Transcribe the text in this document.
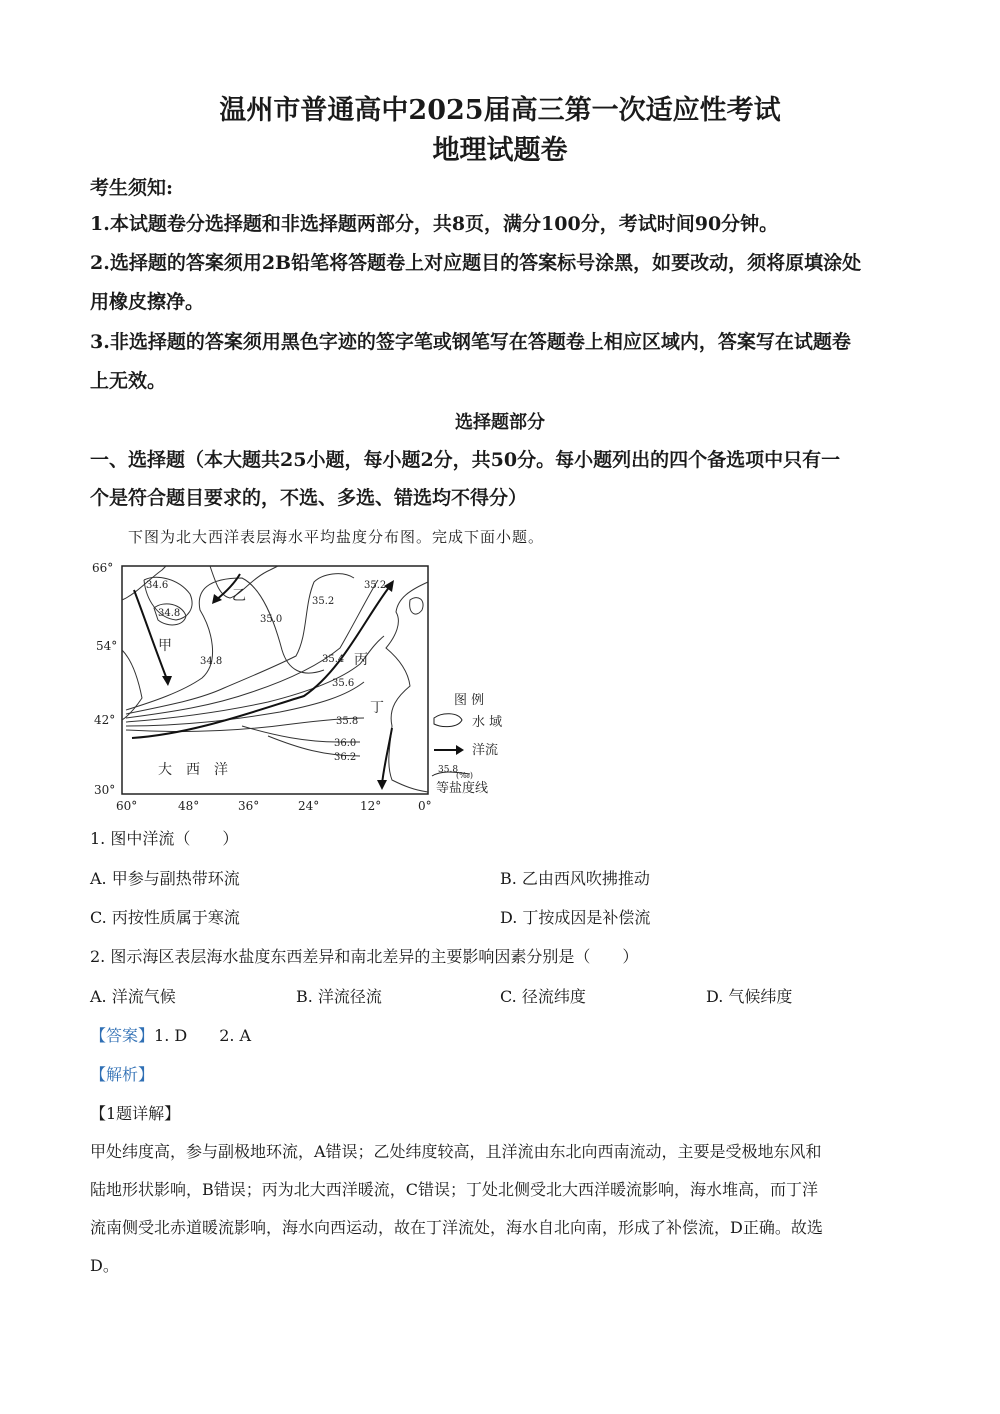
温州市普通高中2025届高三第一次适应性考试
地理试题卷
考生须知:
1.本试题卷分选择题和非选择题两部分，共8页，满分100分，考试时间90分钟。
2.选择题的答案须用2B铅笔将答题卷上对应题目的答案标号涂黑，如要改动，须将原填涂处
用橡皮擦净。
3.非选择题的答案须用黑色字迹的签字笔或钢笔写在答题卷上相应区域内，答案写在试题卷
上无效。
选择题部分
一、选择题（本大题共25小题，每小题2分，共50分。每小题列出的四个备选项中只有一
个是符合题目要求的，不选、多选、错选均不得分）
下图为北大西洋表层海水平均盐度分布图。完成下面小题。
66°
54°
42°
30°
60°	48°	36°	24°	12°	0°
34.6
34.8
35.0
35.2
35.2
34.8	35.4
35.6
35.8
36.0
36.2
甲
乙
丙
丁
大　西　洋
图 例
水 域
洋流
35.8
(‰)
等盐度线
1. 图中洋流（　　）
A. 甲参与副热带环流	B. 乙由西风吹拂推动
C. 丙按性质属于寒流	D. 丁按成因是补偿流
2. 图示海区表层海水盐度东西差异和南北差异的主要影响因素分别是（　　）
A. 洋流气候	B. 洋流径流	C. 径流纬度	D. 气候纬度
【答案】1. D 2. A
【解析】
【1题详解】
甲处纬度高，参与副极地环流，A错误；乙处纬度较高，且洋流由东北向西南流动，主要是受极地东风和
陆地形状影响，B错误；丙为北大西洋暖流，C错误；丁处北侧受北大西洋暖流影响，海水堆高，而丁洋
流南侧受北赤道暖流影响，海水向西运动，故在丁洋流处，海水自北向南，形成了补偿流，D正确。故选
D。
